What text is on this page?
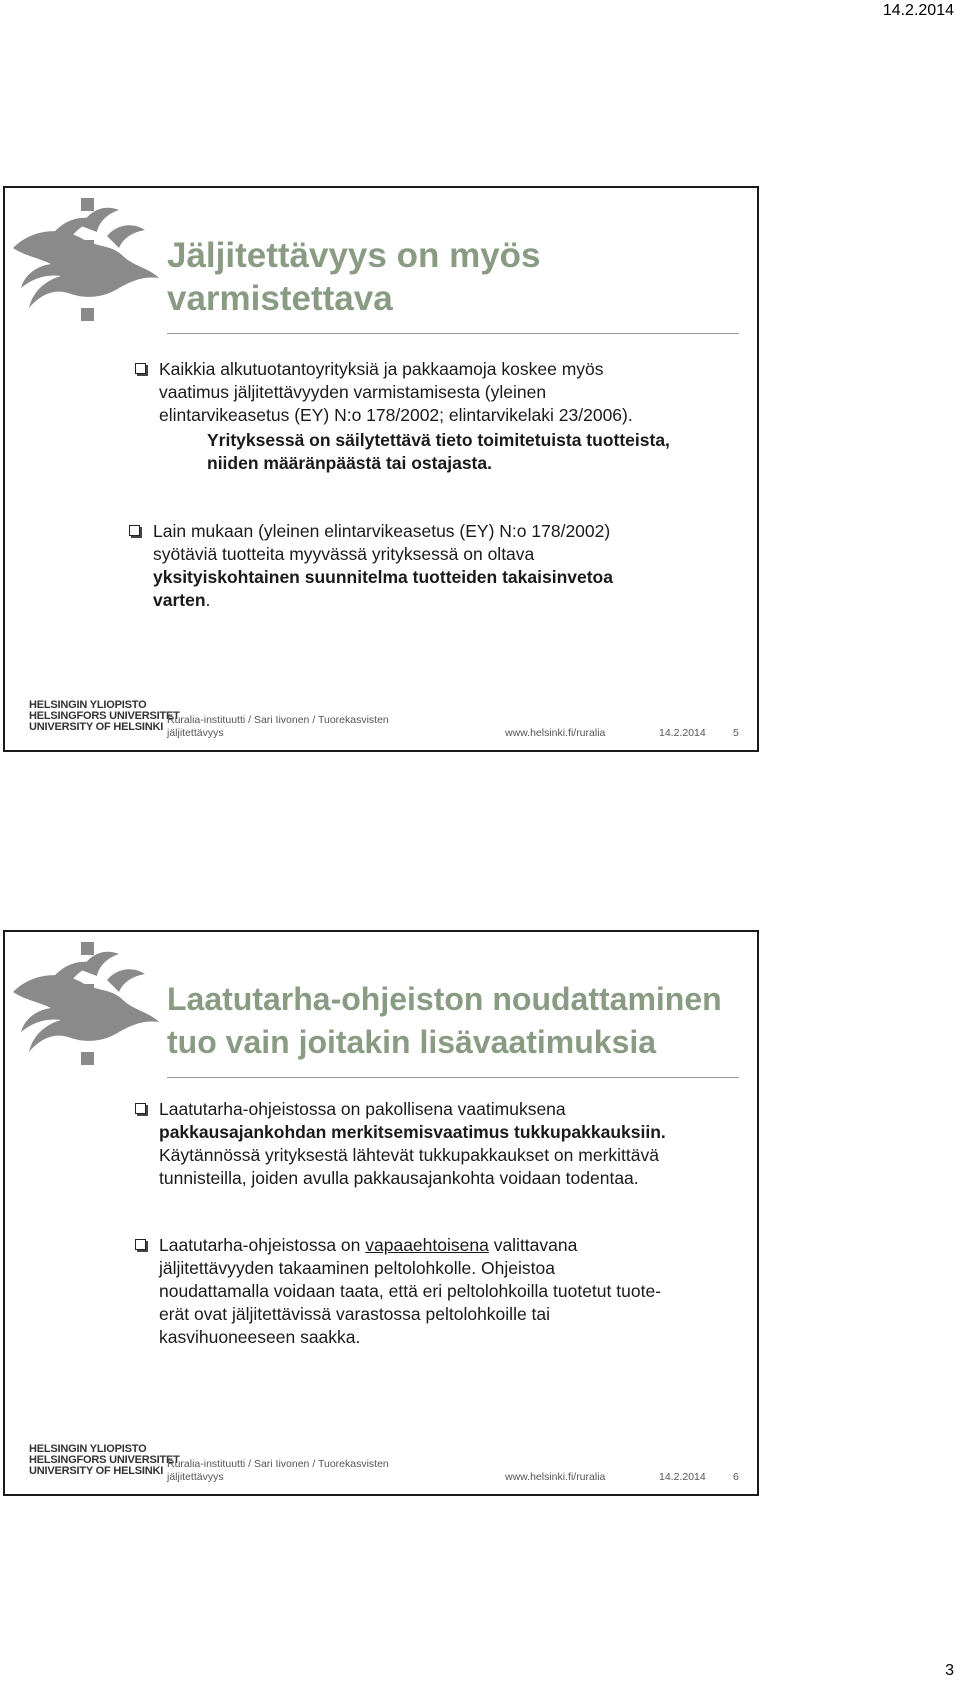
14.2.2014
Jäljitettävyys on myös
varmistettava

Kaikkia alkutuotantoyrityksiä ja pakkaamoja koskee myös

vaatimus jäljitettävyyden varmistamisesta (yleinen

elintarvikeasetus (EY) N:o 178/2002; elintarvikelaki 23/2006).

Yrityksessä on säilytettävä tieto toimitetuista tuotteista,

niiden määränpäästä tai ostajasta.

Lain mukaan (yleinen elintarvikeasetus (EY) N:o 178/2002)

syötäviä tuotteita myyvässä yrityksessä on oltava

yksityiskohtainen suunnitelma tuotteiden takaisinvetoa

varten.

HELSINGIN YLIOPISTO
HELSINGFORS UNIVERSITET
UNIVERSITY OF HELSINKI
Ruralia-instituutti / Sari Iivonen / Tuorekasvisten
jäljitettävyys	www.helsinki.fi/ruralia	14.2.2014	5
Laatutarha-ohjeiston noudattaminen
tuo vain joitakin lisävaatimuksia

Laatutarha-ohjeistossa on pakollisena vaatimuksena

pakkausajankohdan merkitsemisvaatimus tukkupakkauksiin.

Käytännössä yrityksestä lähtevät tukkupakkaukset on merkittävä

tunnisteilla, joiden avulla pakkausajankohta voidaan todentaa.

Laatutarha-ohjeistossa on vapaaehtoisena valittavana

jäljitettävyyden takaaminen peltolohkolle. Ohjeistoa

noudattamalla voidaan taata, että eri peltolohkoilla tuotetut tuote-

erät ovat jäljitettävissä varastossa peltolohkoille tai

kasvihuoneeseen saakka.

HELSINGIN YLIOPISTO
HELSINGFORS UNIVERSITET
UNIVERSITY OF HELSINKI
Ruralia-instituutti / Sari Iivonen / Tuorekasvisten
jäljitettävyys	www.helsinki.fi/ruralia	14.2.2014	6
3
